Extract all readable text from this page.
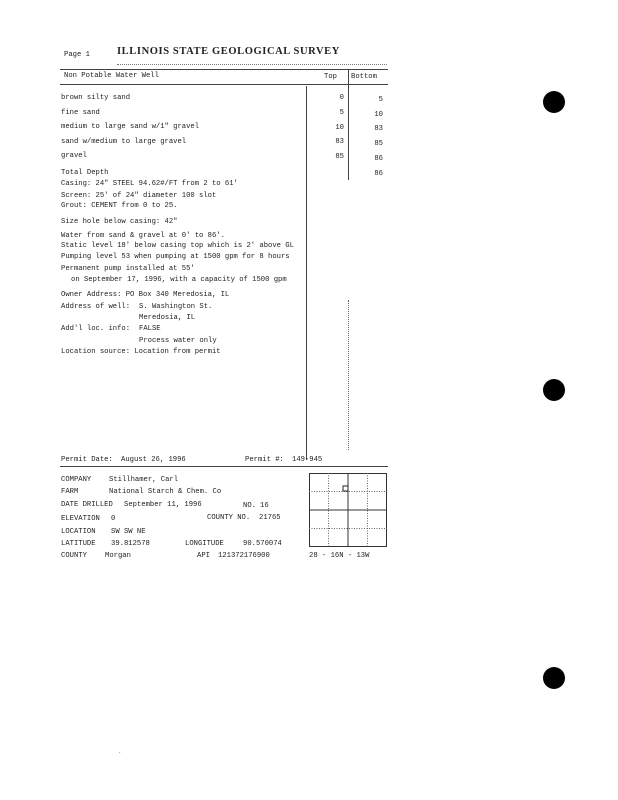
Page 1	ILLINOIS STATE GEOLOGICAL SURVEY
Non Potable Water Well	Top Bottom
brown silty sand	0	5
fine sand	5	10
medium to large sand w/1" gravel	10	83
sand w/medium to large gravel	83	85
gravel	85	86
Total Depth	86
Casing: 24" STEEL 94.62#/FT from 2 to 61'
Screen: 25' of 24" diameter 100 slot
Grout: CEMENT from 0 to 25.
Size hole below casing: 42"
Water from sand & gravel at 0' to 86'.
Static level 18' below casing top which is 2' above GL
Pumping level 53 when pumping at 1500 gpm for 8 hours
Permanent pump installed at 55'
on September 17, 1996, with a capacity of 1500 gpm
Owner Address: PO Box 340 Meredosia, IL
Address of well: S. Washington St.
Meredosia, IL
Add'l loc. info: FALSE
Process water only
Location source: Location from permit
Permit Date: August 26, 1996	Permit #: 149-945
COMPANY Stillhamer, Carl
FARM	National Starch & Chem. Co
DATE DRILLED September 11, 1996	NO. 16
ELEVATION 0	COUNTY NO. 21765
LOCATION SW SW NE
LATITUDE 39.812578	LONGITUDE	90.570074
COUNTY	Morgan	API 121372176900	28 - 16N - 13W
.
